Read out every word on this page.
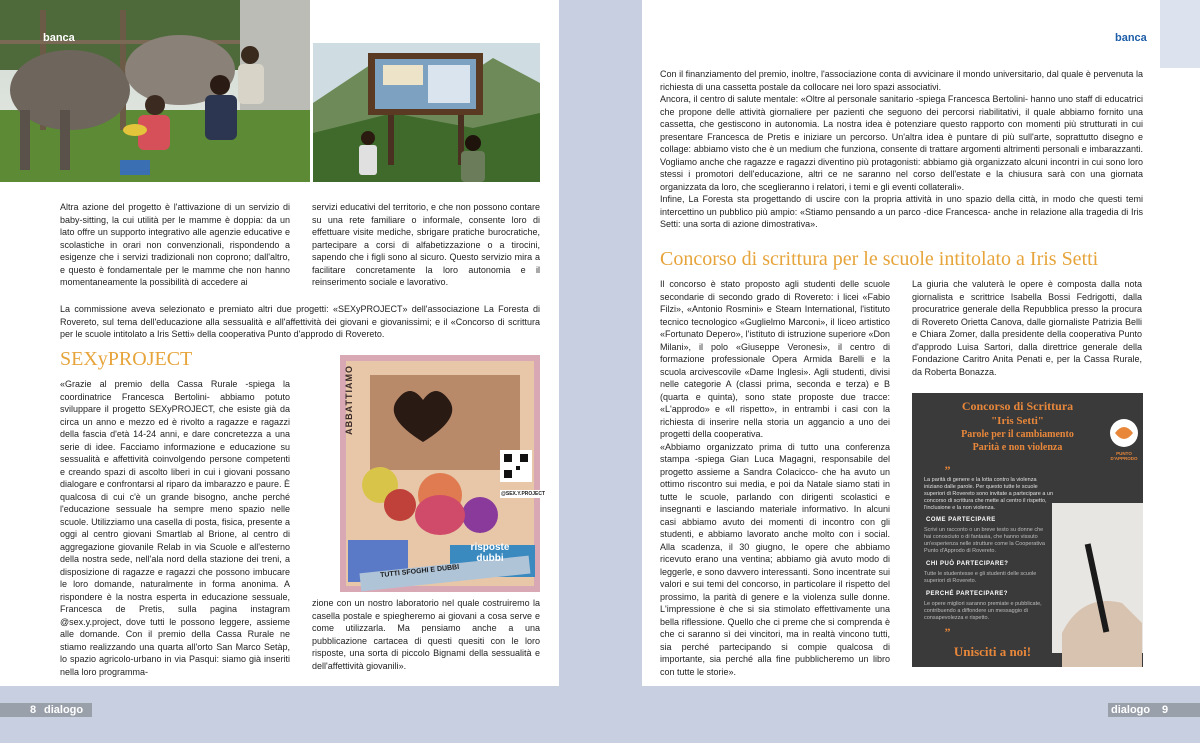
banca
Altra azione del progetto è l'attivazione di un servizio di baby-sitting, la cui utilità per le mamme è doppia: da un lato offre un supporto integrativo alle agenzie educative e scolastiche in orari non convenzionali, rispondendo a esigenze che i servizi tradizionali non coprono; dall'altro, e questo è fondamentale per le mamme che non hanno momentaneamente la possibilità di accedere ai
servizi educativi del territorio, e che non possono contare su una rete familiare o informale, consente loro di effettuare visite mediche, sbrigare pratiche burocratiche, partecipare a corsi di alfabetizzazione o a tirocini, sapendo che i figli sono al sicuro. Questo servizio mira a facilitare concretamente la loro autonomia e il reinserimento sociale e lavorativo.
La commissione aveva selezionato e premiato altri due progetti: «SEXyPROJECT» dell'associazione La Foresta di Rovereto, sul tema dell'educazione alla sessualità e all'affettività dei giovani e giovanissimi; e il «Concorso di scrittura per le scuole intitolato a Iris Setti» della cooperativa Punto d'approdo di Rovereto.
SEXyPROJECT
«Grazie al premio della Cassa Rurale -spiega la coordinatrice Francesca Bertolini- abbiamo potuto sviluppare il progetto SEXyPROJECT, che esiste già da circa un anno e mezzo ed è rivolto a ragazze e ragazzi della fascia d'età 14-24 anni, e dare concretezza a una serie di idee. Facciamo informazione e educazione su sessualità e affettività coinvolgendo persone competenti e creando spazi di ascolto liberi in cui i giovani possano dialogare e confrontarsi al riparo da imbarazzo e paure. È qualcosa di cui c'è un grande bisogno, anche perché l'educazione sessuale ha sempre meno spazio nelle scuole. Utilizziamo una casella di posta, fisica, presente a oggi al centro giovani Smartlab al Brione, al centro di aggregazione giovanile Relab in via Scuole e all'esterno della nostra sede, nell'ala nord della stazione dei treni, a disposizione di ragazze e ragazzi che possono imbucare le loro domande, naturalmente in forma anonima. A rispondere è la nostra esperta in educazione sessuale, Francesca de Pretis, sulla pagina instagram @sex.y.project, dove tutti le possono leggere, assieme alle domande. Con il premio della Cassa Rurale ne stiamo realizzando una quarta all'orto San Marco Setàp, lo spazio agricolo-urbano in via Pasqui: siamo già inseriti nella loro programma-
ABBATTIAMO
@SEX.Y.PROJECT
risposte dubbi
TUTTI SFOGHI E DUBBI
zione con un nostro laboratorio nel quale costruiremo la casella postale e spiegheremo ai giovani a cosa serve e come utilizzarla. Ma pensiamo anche a una pubblicazione cartacea di questi quesiti con le loro risposte, una sorta di piccolo Bignami della sessualità e dell'affettività giovanili».
Con il finanziamento del premio, inoltre, l'associazione conta di avvicinare il mondo universitario, dal quale è pervenuta la richiesta di una cassetta postale da collocare nei loro spazi associativi.
Ancora, il centro di salute mentale: «Oltre al personale sanitario -spiega Francesca Bertolini- hanno uno staff di educatrici che propone delle attività giornaliere per pazienti che seguono dei percorsi riabilitativi, il quale abbiamo fornito una cassetta, che gestiscono in autonomia. La nostra idea è potenziare questo rapporto con momenti più strutturati in cui presentare Francesca de Pretis e iniziare un percorso. Un'altra idea è puntare di più sull'arte, soprattutto disegno e collage: abbiamo visto che è un medium che funziona, consente di trattare argomenti altrimenti personali e imbarazzanti. Vogliamo anche che ragazze e ragazzi diventino più protagonisti: abbiamo già organizzato alcuni incontri in cui sono loro stessi i promotori dell'educazione, altri ce ne saranno nel corso dell'estate e la chiusura sarà con una giornata organizzata da loro, che sceglieranno i relatori, i temi e gli eventi collaterali».
Infine, La Foresta sta progettando di uscire con la propria attività in uno spazio della città, in modo che questi temi intercettino un pubblico più ampio: «Stiamo pensando a un parco -dice Francesca- anche in relazione alla tragedia di Iris Setti: una sorta di azione dimostrativa».
Concorso di scrittura per le scuole intitolato a Iris Setti
Il concorso è stato proposto agli studenti delle scuole secondarie di secondo grado di Rovereto: i licei «Fabio Filzi», «Antonio Rosmini» e Steam International, l'istituto tecnico tecnologico «Guglielmo Marconi», il liceo artistico «Fortunato Depero», l'istituto di istruzione superiore «Don Milani», il polo «Giuseppe Veronesi», il centro di formazione professionale Opera Armida Barelli e la scuola arcivescovile «Dame Inglesi». Agli studenti, divisi nelle categorie A (classi prima, seconda e terza) e B (quarta e quinta), sono state proposte due tracce: «L'approdo» e «Il rispetto», in entrambi i casi con la richiesta di inserire nella storia un aggancio a uno dei progetti della cooperativa.
«Abbiamo organizzato prima di tutto una conferenza stampa -spiega Gian Luca Magagni, responsabile del progetto assieme a Sandra Colacicco- che ha avuto un ottimo riscontro sui media, e poi da Natale siamo stati in tutte le scuole, parlando con dirigenti scolastici e insegnanti e lasciando materiale informativo. In alcuni casi abbiamo avuto dei momenti di incontro con gli studenti, e abbiamo lavorato anche molto con i social. Alla scadenza, il 30 giugno, le opere che abbiamo ricevuto erano una ventina; abbiamo già avuto modo di leggerle, e sono davvero interessanti. Sono incentrate sui valori e sui temi del concorso, in particolare il rispetto del prossimo, la parità di genere e la violenza sulle donne. L'impressione è che si sia stimolato effettivamente una bella riflessione. Quello che ci preme che si comprenda è che ci saranno sì dei vincitori, ma in realtà vincono tutti, sia perché partecipando si compie qualcosa di importante, sia perché alla fine pubblicheremo un libro con tutte le storie».
La giuria che valuterà le opere è composta dalla nota giornalista e scrittrice Isabella Bossi Fedrigotti, dalla procuratrice generale della Repubblica presso la procura di Rovereto Orietta Canova, dalle giornaliste Patrizia Belli e Chiara Zomer, dalla presidente della cooperativa Punto d'approdo Luisa Sartori, dalla direttrice generale della Fondazione Caritro Anita Penati e, per la Cassa Rurale, da Roberta Bonazza.
Concorso di Scrittura
"Iris Setti"
Parole per il cambiamento
Parità e non violenza
PUNTO D'APPRODO
”
La parità di genere e la lotta contro la violenza iniziano dalle parole. Per questo tutte le scuole superiori di Rovereto sono invitate a partecipare a un concorso di scrittura che mette al centro il rispetto, l'inclusione e la non violenza.
COME PARTECIPARE
Scrivi un racconto o un breve testo su donne che hai conosciuto o di fantasia, che hanno vissuto un'esperienza nelle strutture come la Cooperativa Punto d'Approdo di Rovereto.
CHI PUÒ PARTECIPARE?
Tutte le studentesse e gli studenti delle scuole superiori di Rovereto.
PERCHÉ PARTECIPARE?
Le opere migliori saranno premiate e pubblicate, contribuendo a diffondere un messaggio di consapevolezza e rispetto.
”
Unisciti a noi!
banca
8 dialogo	dialogo 9
